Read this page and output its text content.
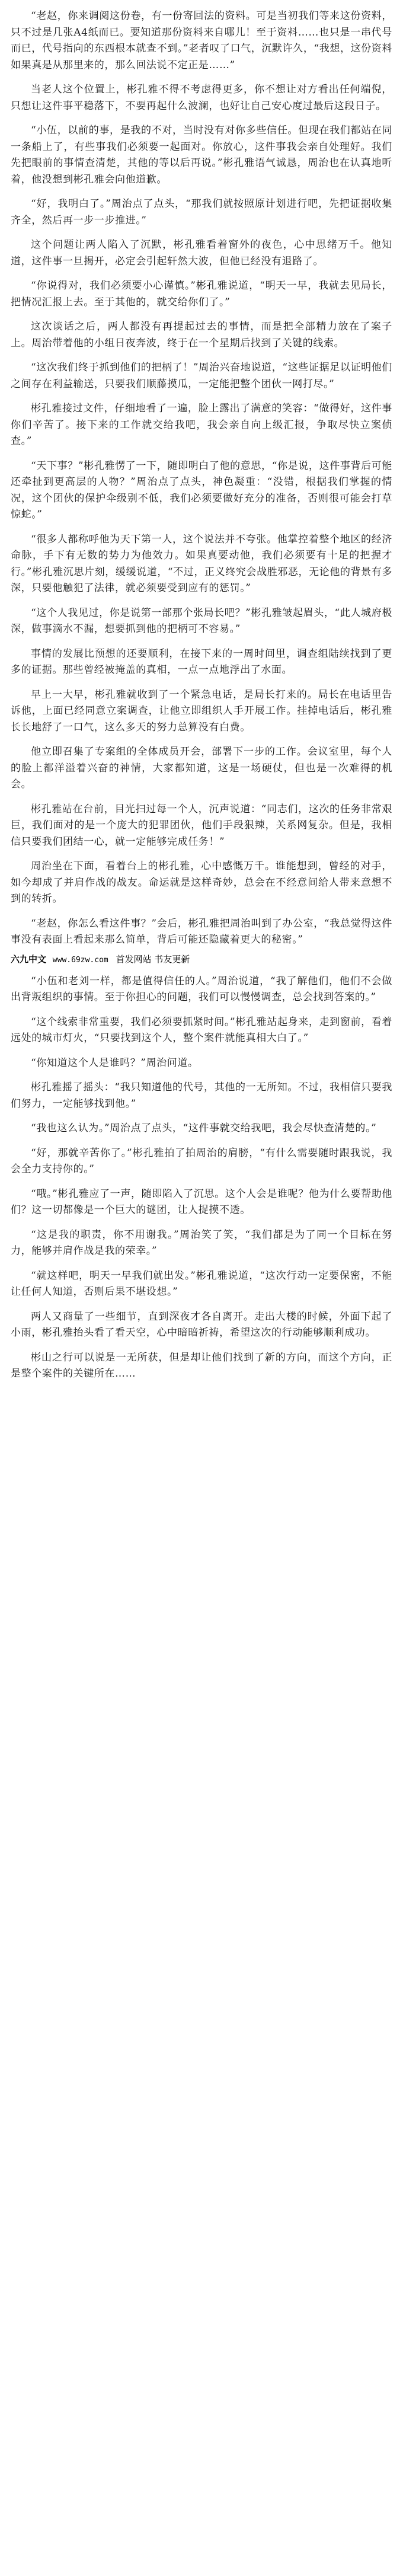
“老赵，你来调阅这份卷，有一份寄回法的资料。可是当初我们等来这份资料，只不过是几张A4纸而已。要知道那份资料来自哪儿！至于资料……也只是一串代号而已，代号指向的东西根本就查不到。”老者叹了口气，沉默许久，“我想，这份资料如果真是从那里来的，那么回法说不定正是……”

当老人这个位置上，彬孔雅不得不考虑得更多，你不想让对方看出任何端倪，只想让这件事平稳落下，不要再起什么波澜，也好让自己安心度过最后这段日子。

“小伍，以前的事，是我的不对，当时没有对你多些信任。但现在我们都站在同一条船上了，有些事我们必须要一起面对。你放心，这件事我会亲自处理好。我们先把眼前的事情查清楚，其他的等以后再说。”彬孔雅语气诚恳，周治也在认真地听着，他没想到彬孔雅会向他道歉。

“好，我明白了。”周治点了点头，“那我们就按照原计划进行吧，先把证据收集齐全，然后再一步一步推进。”

这个问题让两人陷入了沉默，彬孔雅看着窗外的夜色，心中思绪万千。他知道，这件事一旦揭开，必定会引起轩然大波，但他已经没有退路了。

“你说得对，我们必须要小心谨慎。”彬孔雅说道，“明天一早，我就去见局长，把情况汇报上去。至于其他的，就交给你们了。”

这次谈话之后，两人都没有再提起过去的事情，而是把全部精力放在了案子上。周治带着他的小组日夜奔波，终于在一个星期后找到了关键的线索。

“这次我们终于抓到他们的把柄了！”周治兴奋地说道，“这些证据足以证明他们之间存在利益输送，只要我们顺藤摸瓜，一定能把整个团伙一网打尽。”

彬孔雅接过文件，仔细地看了一遍，脸上露出了满意的笑容：“做得好，这件事你们辛苦了。接下来的工作就交给我吧，我会亲自向上级汇报，争取尽快立案侦查。”

“天下事？”彬孔雅愣了一下，随即明白了他的意思，“你是说，这件事背后可能还牵扯到更高层的人物？”周治点了点头，神色凝重：“没错，根据我们掌握的情况，这个团伙的保护伞级别不低，我们必须要做好充分的准备，否则很可能会打草惊蛇。”

“很多人都称呼他为天下第一人，这个说法并不夸张。他掌控着整个地区的经济命脉，手下有无数的势力为他效力。如果真要动他，我们必须要有十足的把握才行。”彬孔雅沉思片刻，缓缓说道，“不过，正义终究会战胜邪恶，无论他的背景有多深，只要他触犯了法律，就必须要受到应有的惩罚。”

“这个人我见过，你是说第一部那个张局长吧？”彬孔雅皱起眉头，“此人城府极深，做事滴水不漏，想要抓到他的把柄可不容易。”

事情的发展比预想的还要顺利，在接下来的一周时间里，调查组陆续找到了更多的证据。那些曾经被掩盖的真相，一点一点地浮出了水面。

早上一大早，彬孔雅就收到了一个紧急电话，是局长打来的。局长在电话里告诉他，上面已经同意立案调查，让他立即组织人手开展工作。挂掉电话后，彬孔雅长长地舒了一口气，这么多天的努力总算没有白费。

他立即召集了专案组的全体成员开会，部署下一步的工作。会议室里，每个人的脸上都洋溢着兴奋的神情，大家都知道，这是一场硬仗，但也是一次难得的机会。

彬孔雅站在台前，目光扫过每一个人，沉声说道：“同志们，这次的任务非常艰巨，我们面对的是一个庞大的犯罪团伙，他们手段狠辣，关系网复杂。但是，我相信只要我们团结一心，就一定能够完成任务！”

周治坐在下面，看着台上的彬孔雅，心中感慨万千。谁能想到，曾经的对手，如今却成了并肩作战的战友。命运就是这样奇妙，总会在不经意间给人带来意想不到的转折。

“老赵，你怎么看这件事？”会后，彬孔雅把周治叫到了办公室，“我总觉得这件事没有表面上看起来那么简单，背后可能还隐藏着更大的秘密。”

六九中文 www.69zw.com 首发网站 书友更新

“小伍和老刘一样，都是值得信任的人。”周治说道，“我了解他们，他们不会做出背叛组织的事情。至于你担心的问题，我们可以慢慢调查，总会找到答案的。”

“这个线索非常重要，我们必须要抓紧时间。”彬孔雅站起身来，走到窗前，看着远处的城市灯火，“只要找到这个人，整个案件就能真相大白了。”

“你知道这个人是谁吗？”周治问道。

彬孔雅摇了摇头：“我只知道他的代号，其他的一无所知。不过，我相信只要我们努力，一定能够找到他。”

“我也这么认为。”周治点了点头，“这件事就交给我吧，我会尽快查清楚的。”

“好，那就辛苦你了。”彬孔雅拍了拍周治的肩膀，“有什么需要随时跟我说，我会全力支持你的。”

“哦。”彬孔雅应了一声，随即陷入了沉思。这个人会是谁呢？他为什么要帮助他们？这一切都像是一个巨大的谜团，让人捉摸不透。

“这是我的职责，你不用谢我。”周治笑了笑，“我们都是为了同一个目标在努力，能够并肩作战是我的荣幸。”

“就这样吧，明天一早我们就出发。”彬孔雅说道，“这次行动一定要保密，不能让任何人知道，否则后果不堪设想。”

两人又商量了一些细节，直到深夜才各自离开。走出大楼的时候，外面下起了小雨，彬孔雅抬头看了看天空，心中暗暗祈祷，希望这次的行动能够顺利成功。

彬山之行可以说是一无所获，但是却让他们找到了新的方向，而这个方向，正是整个案件的关键所在……
